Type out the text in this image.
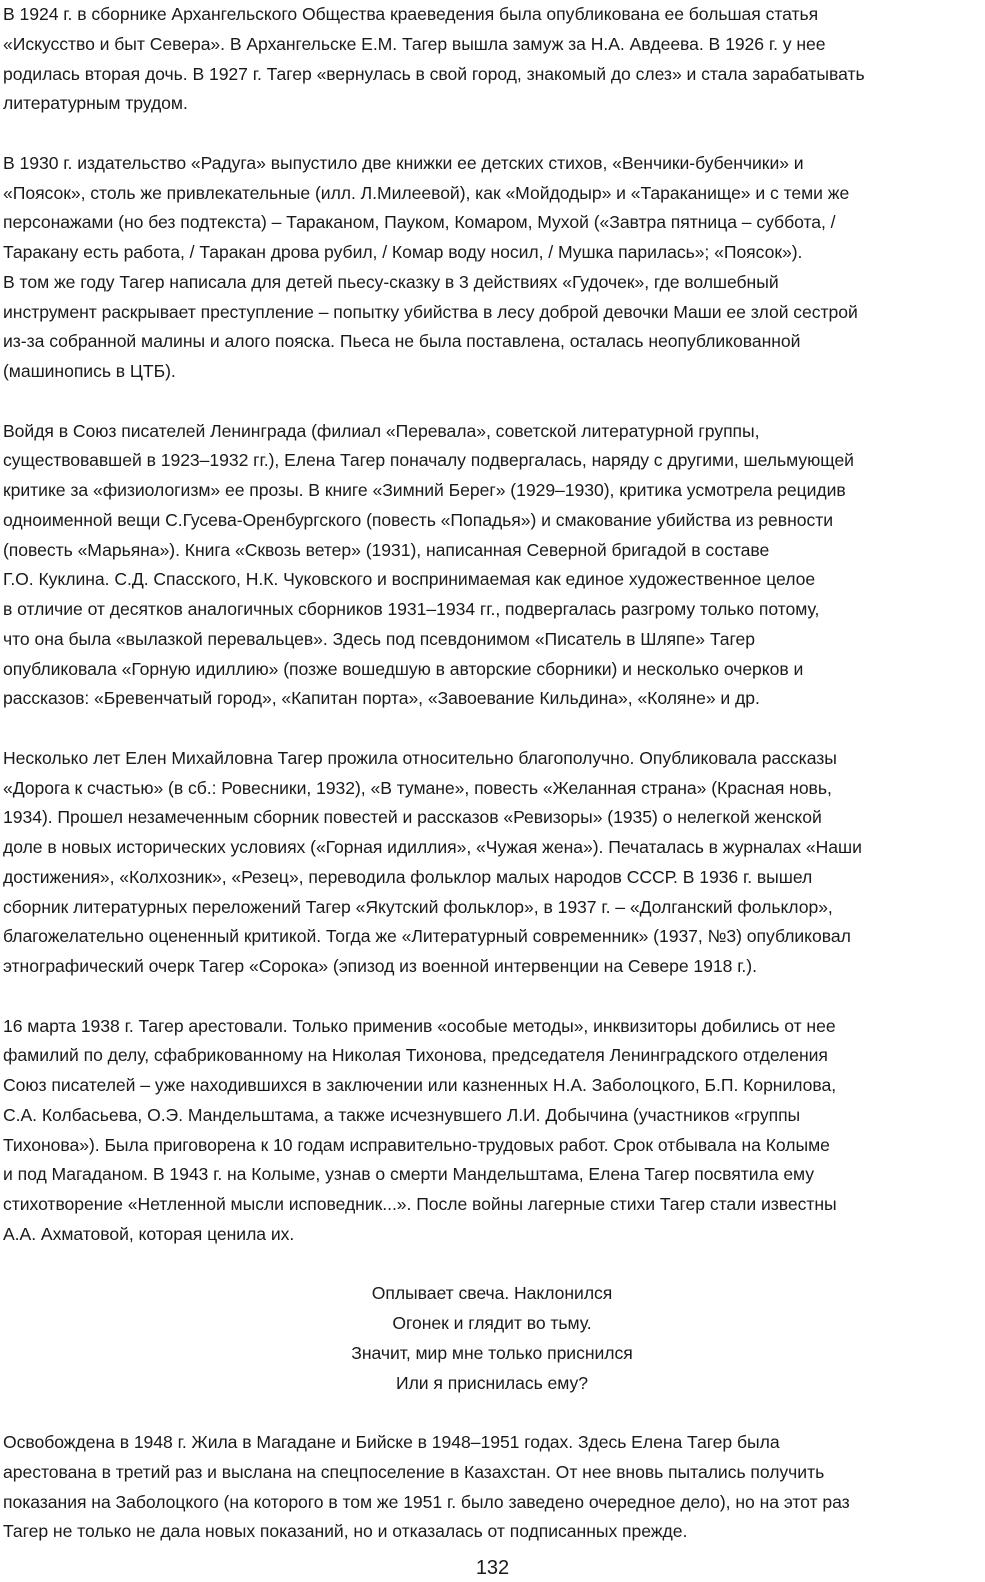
В 1924 г. в сборнике Архангельского Общества краеведения была опубликована ее большая статья
«Искусство и быт Севера». В Архангельске Е.М. Тагер вышла замуж за Н.А. Авдеева. В 1926 г. у нее
родилась вторая дочь. В 1927 г. Тагер «вернулась в свой город, знакомый до слез» и стала зарабатывать
литературным трудом.

В 1930 г. издательство «Радуга» выпустило две книжки ее детских стихов, «Венчики-бубенчики» и
«Поясок», столь же привлекательные (илл. Л.Милеевой), как «Мойдодыр» и «Тараканище» и с теми же
персонажами (но без подтекста) – Тараканом, Пауком, Комаром, Мухой («Завтра пятница – суббота, /
Таракану есть работа, / Таракан дрова рубил, / Комар воду носил, / Мушка парилась»; «Поясок»).
В том же году Тагер написала для детей пьесу-сказку в 3 действиях «Гудочек», где волшебный
инструмент раскрывает преступление – попытку убийства в лесу доброй девочки Маши ее злой сестрой
из-за собранной малины и алого пояска. Пьеса не была поставлена, осталась неопубликованной
(машинопись в ЦТБ).

Войдя в Союз писателей Ленинграда (филиал «Перевала», советской литературной группы,
существовавшей в 1923–1932 гг.), Елена Тагер поначалу подвергалась, наряду с другими, шельмующей
критике за «физиологизм» ее прозы. В книге «Зимний Берег» (1929–1930), критика усмотрела рецидив
одноименной вещи С.Гусева-Оренбургского (повесть «Попадья») и смакование убийства из ревности
(повесть «Марьяна»). Книга «Сквозь ветер» (1931), написанная Северной бригадой в составе
Г.О. Куклина. С.Д. Спасского, Н.К. Чуковского и воспринимаемая как единое художественное целое
в отличие от десятков аналогичных сборников 1931–1934 гг., подвергалась разгрому только потому,
что она была «вылазкой перевальцев». Здесь под псевдонимом «Писатель в Шляпе» Тагер
опубликовала «Горную идиллию» (позже вошедшую в авторские сборники) и несколько очерков и
рассказов: «Бревенчатый город», «Капитан порта», «Завоевание Кильдина», «Коляне» и др.

Несколько лет Елен Михайловна Тагер прожила относительно благополучно. Опубликовала рассказы
«Дорога к счастью» (в сб.: Ровесники, 1932), «В тумане», повесть «Желанная страна» (Красная новь,
1934). Прошел незамеченным сборник повестей и рассказов «Ревизоры» (1935) о нелегкой женской
доле в новых исторических условиях («Горная идиллия», «Чужая жена»). Печаталась в журналах «Наши
достижения», «Колхозник», «Резец», переводила фольклор малых народов СССР. В 1936 г. вышел
сборник литературных переложений Тагер «Якутский фольклор», в 1937 г. – «Долганский фольклор»,
благожелательно оцененный критикой. Тогда же «Литературный современник» (1937, №3) опубликовал
этнографический очерк Тагер «Сорока» (эпизод из военной интервенции на Севере 1918 г.).

16 марта 1938 г. Тагер арестовали. Только применив «особые методы», инквизиторы добились от нее
фамилий по делу, сфабрикованному на Николая Тихонова, председателя Ленинградского отделения
Союз писателей – уже находившихся в заключении или казненных Н.А. Заболоцкого, Б.П. Корнилова,
С.А. Колбасьева, О.Э. Мандельштама, а также исчезнувшего Л.И. Добычина (участников «группы
Тихонова»). Была приговорена к 10 годам исправительно-трудовых работ. Срок отбывала на Колыме
и под Магаданом. В 1943 г. на Колыме, узнав о смерти Мандельштама, Елена Тагер посвятила ему
стихотворение «Нетленной мысли исповедник...». После войны лагерные стихи Тагер стали известны
А.А. Ахматовой, которая ценила их.

Оплывает свеча. Наклонился
Огонек и глядит во тьму.
Значит, мир мне только приснился
Или я приснилась ему?

Освобождена в 1948 г. Жила в Магадане и Бийске в 1948–1951 годах. Здесь Елена Тагер была
арестована в третий раз и выслана на спецпоселение в Казахстан. От нее вновь пытались получить
показания на Заболоцкого (на которого в том же 1951 г. было заведено очередное дело), но на этот раз
Тагер не только не дала новых показаний, но и отказалась от подписанных прежде.

132
